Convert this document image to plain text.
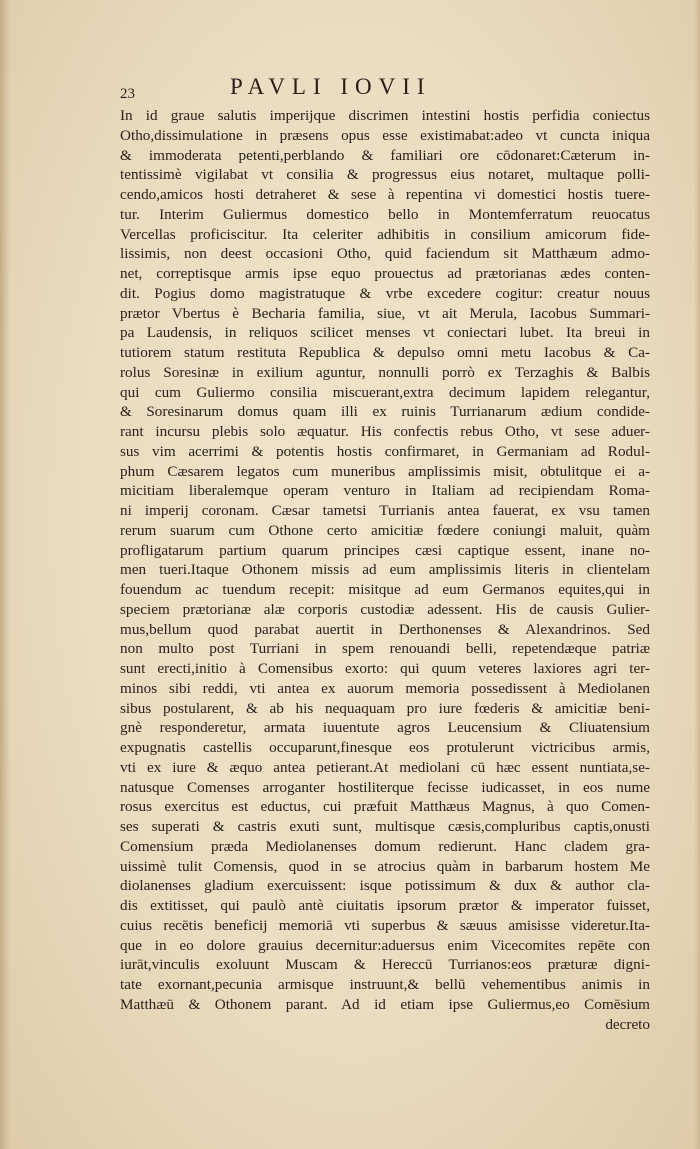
23	PAVLI IOVII
In id graue salutis imperijque discrimen intestini hostis perfidia coniectus
Otho,dissimulatione in præsens opus esse existimabat:adeo vt cuncta iniqua
& immoderata petenti,perblando & familiari ore cōdonaret:Cæterum in-
tentissimè vigilabat vt consilia & progressus eius notaret, multaque polli-
cendo,amicos hosti detraheret & sese à repentina vi domestici hostis tuere-
tur. Interim Guliermus domestico bello in Montemferratum reuocatus
Vercellas proficiscitur. Ita celeriter adhibitis in consilium amicorum fide-
lissimis, non deest occasioni Otho, quid faciendum sit Matthæum admo-
net, correptisque armis ipse equo prouectus ad prætorianas ædes conten-
dit. Pogius domo magistratuque & vrbe excedere cogitur: creatur nouus
prætor Vbertus è Becharia familia, siue, vt ait Merula, Iacobus Summari-
pa Laudensis, in reliquos scilicet menses vt coniectari lubet. Ita breui in
tutiorem statum restituta Republica & depulso omni metu Iacobus & Ca-
rolus Soresinæ in exilium aguntur, nonnulli porrò ex Terzaghis & Balbis
qui cum Guliermo consilia miscuerant,extra decimum lapidem relegantur,
& Soresinarum domus quam illi ex ruinis Turrianarum ædium condide-
rant incursu plebis solo æquatur. His confectis rebus Otho, vt sese aduer-
sus vim acerrimi & potentis hostis confirmaret, in Germaniam ad Rodul-
phum Cæsarem legatos cum muneribus amplissimis misit, obtulitque ei a-
micitiam liberalemque operam venturo in Italiam ad recipiendam Roma-
ni imperij coronam. Cæsar tametsi Turrianis antea fauerat, ex vsu tamen
rerum suarum cum Othone certo amicitiæ fœdere coniungi maluit, quàm
profligatarum partium quarum principes cæsi captique essent, inane no-
men tueri.Itaque Othonem missis ad eum amplissimis literis in clientelam
fouendum ac tuendum recepit: misitque ad eum Germanos equites,qui in
speciem prætorianæ alæ corporis custodiæ adessent. His de causis Gulier-
mus,bellum quod parabat auertit in Derthonenses & Alexandrinos. Sed
non multo post Turriani in spem renouandi belli, repetendæque patriæ
sunt erecti,initio à Comensibus exorto: qui quum veteres laxiores agri ter-
minos sibi reddi, vti antea ex auorum memoria possedissent à Mediolanen
sibus postularent, & ab his nequaquam pro iure fœderis & amicitiæ beni-
gnè responderetur, armata iuuentute agros Leucensium & Cliuatensium
expugnatis castellis occuparunt,finesque eos protulerunt victricibus armis,
vti ex iure & æquo antea petierant.At mediolani cū hæc essent nuntiata,se-
natusque Comenses arroganter hostiliterque fecisse iudicasset, in eos nume
rosus exercitus est eductus, cui præfuit Matthæus Magnus, à quo Comen-
ses superati & castris exuti sunt, multisque cæsis,compluribus captis,onusti
Comensium præda Mediolanenses domum redierunt. Hanc cladem gra-
uissimè tulit Comensis, quod in se atrocius quàm in barbarum hostem Me
diolanenses gladium exercuissent: isque potissimum & dux & author cla-
dis extitisset, qui paulò antè ciuitatis ipsorum prætor & imperator fuisset,
cuius recētis beneficij memoriā vti superbus & sæuus amisisse videretur.Ita-
que in eo dolore grauius decernitur:aduersus enim Vicecomites repēte con
iurāt,vinculis exoluunt Muscam & Hereccū Turrianos:eos præturæ digni-
tate exornant,pecunia armisque instruunt,& bellū vehementibus animis in
Matthæū & Othonem parant. Ad id etiam ipse Guliermus,eo Comēsium
decreto
